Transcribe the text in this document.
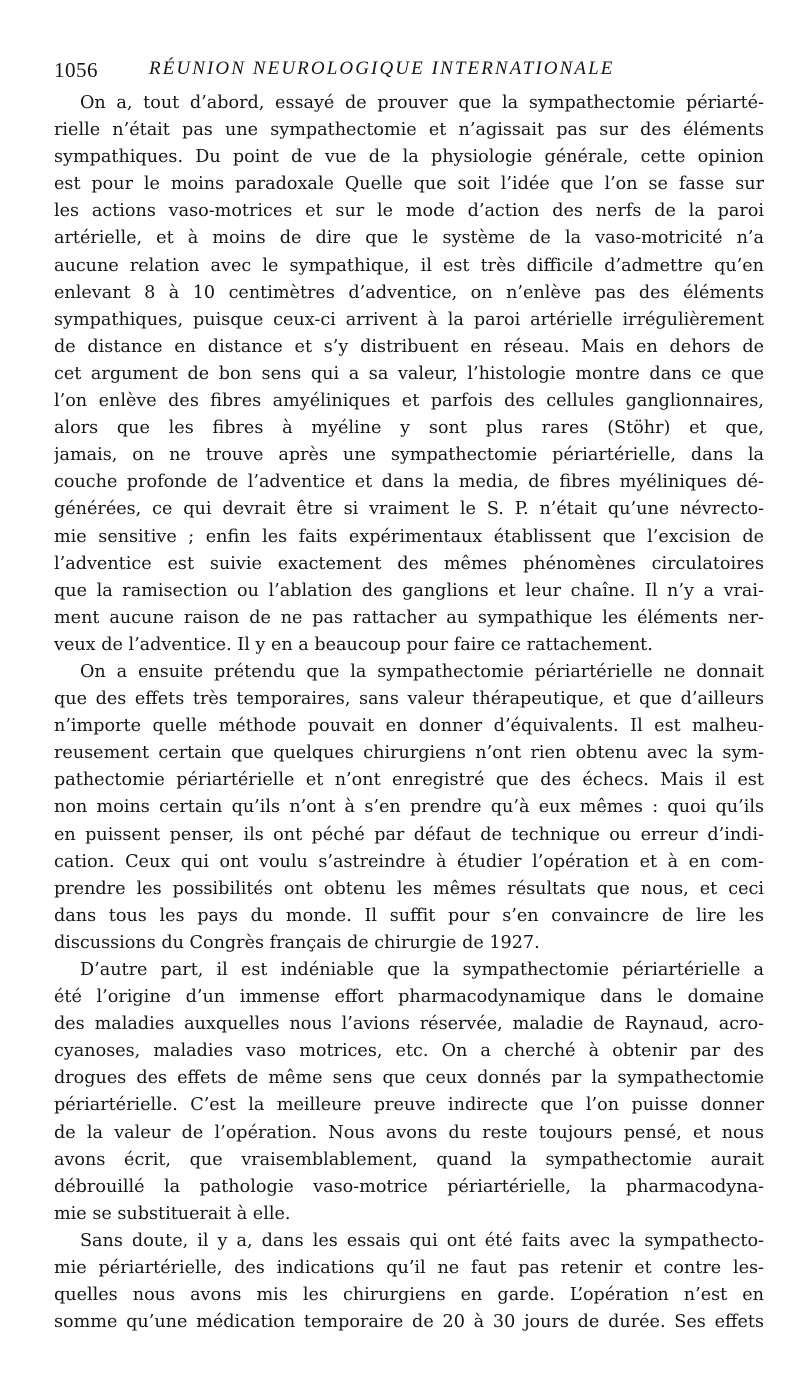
1056	RÉUNION NEUROLOGIQUE INTERNATIONALE
On a, tout d’abord, essayé de prouver que la sympathectomie périarté-
rielle n’était pas une sympathectomie et n’agissait pas sur des éléments
sympathiques. Du point de vue de la physiologie générale, cette opinion
est pour le moins paradoxale Quelle que soit l’idée que l’on se fasse sur
les actions vaso-motrices et sur le mode d’action des nerfs de la paroi
artérielle, et à moins de dire que le système de la vaso-motricité n’a
aucune relation avec le sympathique, il est très difficile d’admettre qu’en
enlevant 8 à 10 centimètres d’adventice, on n’enlève pas des éléments
sympathiques, puisque ceux-ci arrivent à la paroi artérielle irrégulièrement
de distance en distance et s’y distribuent en réseau. Mais en dehors de
cet argument de bon sens qui a sa valeur, l’histologie montre dans ce que
l’on enlève des fibres amyéliniques et parfois des cellules ganglionnaires,
alors que les fibres à myéline y sont plus rares (Stöhr) et que,
jamais, on ne trouve après une sympathectomie périartérielle, dans la
couche profonde de l’adventice et dans la media, de fibres myéliniques dé-
générées, ce qui devrait être si vraiment le S. P. n’était qu’une névrecto-
mie sensitive ; enfin les faits expérimentaux établissent que l’excision de
l’adventice est suivie exactement des mêmes phénomènes circulatoires
que la ramisection ou l’ablation des ganglions et leur chaîne. Il n’y a vrai-
ment aucune raison de ne pas rattacher au sympathique les éléments ner-
veux de l’adventice. Il y en a beaucoup pour faire ce rattachement.
On a ensuite prétendu que la sympathectomie périartérielle ne donnait
que des effets très temporaires, sans valeur thérapeutique, et que d’ailleurs
n’importe quelle méthode pouvait en donner d’équivalents. Il est malheu-
reusement certain que quelques chirurgiens n’ont rien obtenu avec la sym-
pathectomie périartérielle et n’ont enregistré que des échecs. Mais il est
non moins certain qu’ils n’ont à s’en prendre qu’à eux mêmes : quoi qu’ils
en puissent penser, ils ont péché par défaut de technique ou erreur d’indi-
cation. Ceux qui ont voulu s’astreindre à étudier l’opération et à en com-
prendre les possibilités ont obtenu les mêmes résultats que nous, et ceci
dans tous les pays du monde. Il suffit pour s’en convaincre de lire les
discussions du Congrès français de chirurgie de 1927.
D’autre part, il est indéniable que la sympathectomie périartérielle a
été l’origine d’un immense effort pharmacodynamique dans le domaine
des maladies auxquelles nous l’avions réservée, maladie de Raynaud, acro-
cyanoses, maladies vaso motrices, etc. On a cherché à obtenir par des
drogues des effets de même sens que ceux donnés par la sympathectomie
périartérielle. C’est la meilleure preuve indirecte que l’on puisse donner
de la valeur de l’opération. Nous avons du reste toujours pensé, et nous
avons écrit, que vraisemblablement, quand la sympathectomie aurait
débrouillé la pathologie vaso-motrice périartérielle, la pharmacodyna-
mie se substituerait à elle.
Sans doute, il y a, dans les essais qui ont été faits avec la sympathecto-
mie périartérielle, des indications qu’il ne faut pas retenir et contre les-
quelles nous avons mis les chirurgiens en garde. L’opération n’est en
somme qu’une médication temporaire de 20 à 30 jours de durée. Ses effets
